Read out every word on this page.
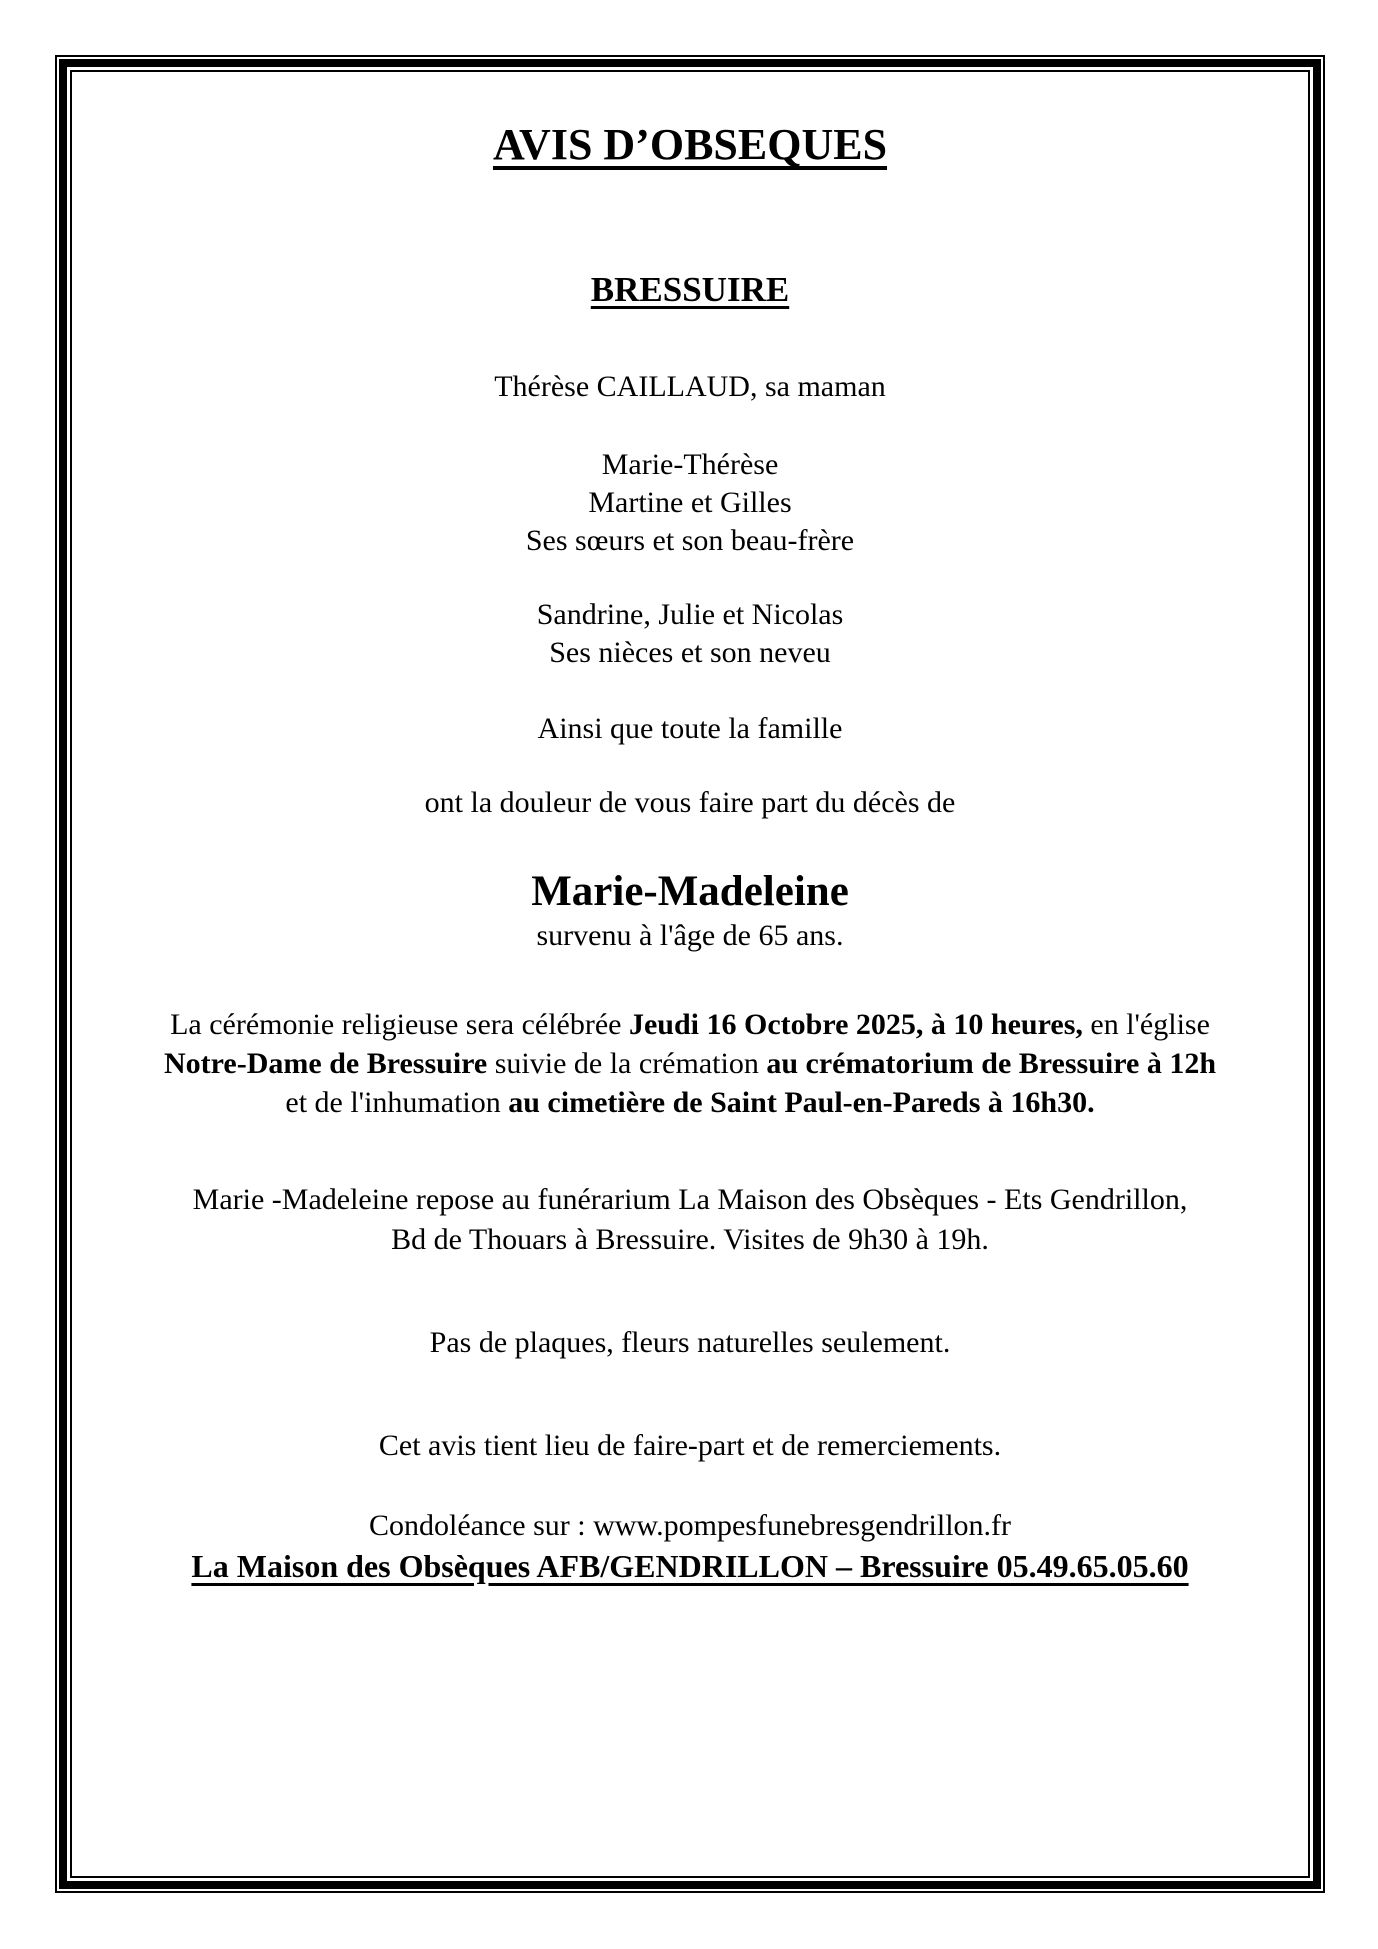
AVIS D’OBSEQUES
BRESSUIRE

Thérèse CAILLAUD, sa maman

Marie-Thérèse

Martine et Gilles

Ses sœurs et son beau-frère

Sandrine, Julie et Nicolas

Ses nièces et son neveu

Ainsi que toute la famille

ont la douleur de vous faire part du décès de

Marie-Madeleine

survenu à l'âge de 65 ans.

La cérémonie religieuse sera célébrée Jeudi 16 Octobre 2025, à 10 heures, en l'église
Notre-Dame de Bressuire suivie de la crémation au crématorium de Bressuire à 12h
et de l'inhumation au cimetière de Saint Paul-en-Pareds à 16h30.

Marie -Madeleine repose au funérarium La Maison des Obsèques - Ets Gendrillon,
Bd de Thouars à Bressuire. Visites de 9h30 à 19h.

Pas de plaques, fleurs naturelles seulement.

Cet avis tient lieu de faire-part et de remerciements.

Condoléance sur : www.pompesfunebresgendrillon.fr

La Maison des Obsèques AFB/GENDRILLON – Bressuire 05.49.65.05.60
